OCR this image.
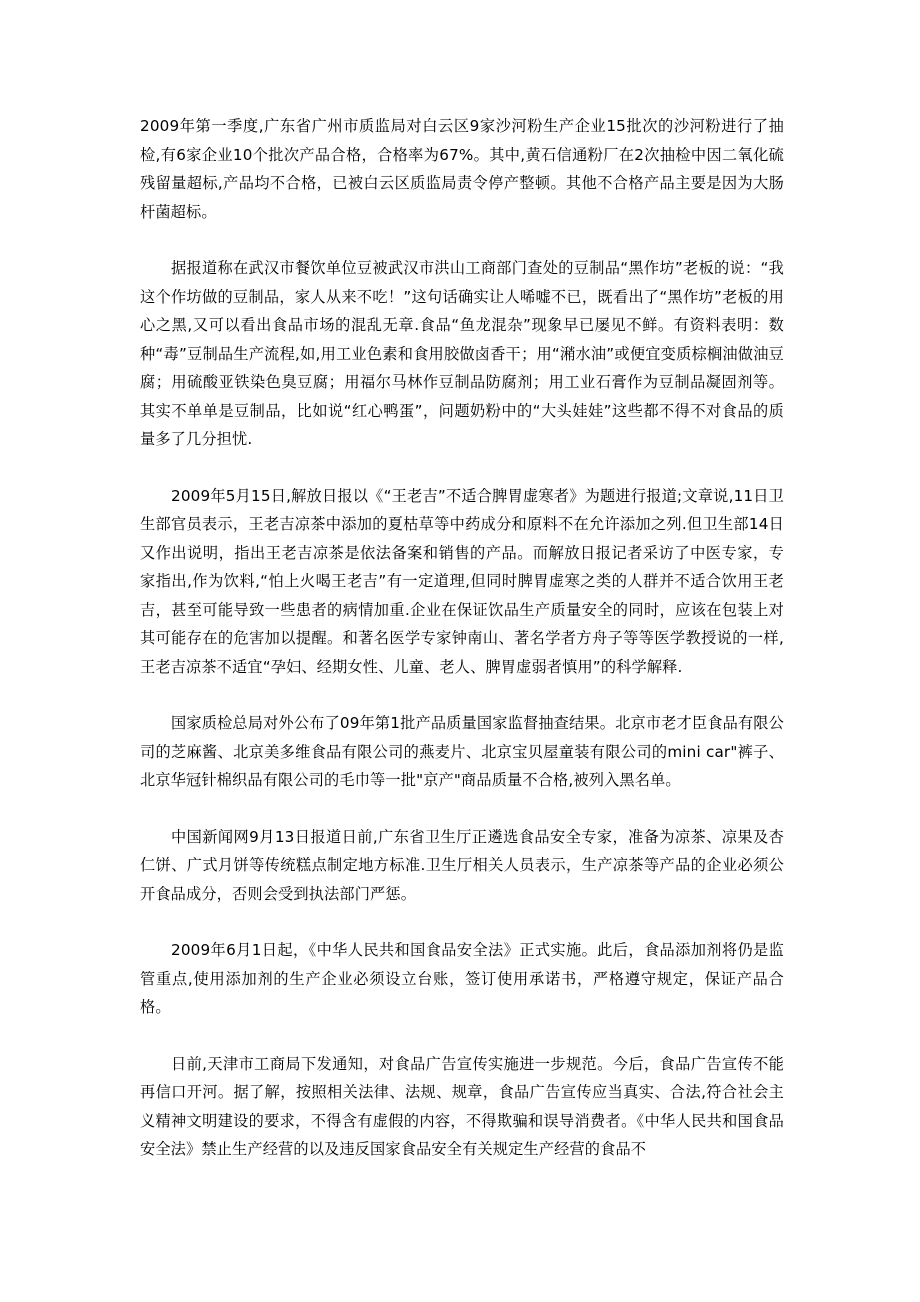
2009年第一季度,广东省广州市质监局对白云区9家沙河粉生产企业15批次的沙河粉进行了抽检,有6家企业10个批次产品合格，合格率为67%。其中,黄石信通粉厂在2次抽检中因二氧化硫残留量超标,产品均不合格，已被白云区质监局责令停产整顿。其他不合格产品主要是因为大肠杆菌超标。

据报道称在武汉市餐饮单位豆被武汉市洪山工商部门查处的豆制品“黑作坊”老板的说：“我这个作坊做的豆制品，家人从来不吃！”这句话确实让人唏嘘不已，既看出了“黑作坊”老板的用心之黑,又可以看出食品市场的混乱无章.食品“鱼龙混杂”现象早已屡见不鲜。有资料表明：数种“毒”豆制品生产流程,如,用工业色素和食用胶做卤香干；用“潲水油”或便宜变质棕榈油做油豆腐；用硫酸亚铁染色臭豆腐；用福尔马林作豆制品防腐剂；用工业石膏作为豆制品凝固剂等。其实不单单是豆制品，比如说“红心鸭蛋”，问题奶粉中的“大头娃娃”这些都不得不对食品的质量多了几分担忧.

2009年5月15日,解放日报以《“王老吉”不适合脾胃虚寒者》为题进行报道;文章说,11日卫生部官员表示，王老吉凉茶中添加的夏枯草等中药成分和原料不在允许添加之列.但卫生部14日又作出说明，指出王老吉凉茶是依法备案和销售的产品。而解放日报记者采访了中医专家，专家指出,作为饮料,“怕上火喝王老吉”有一定道理,但同时脾胃虚寒之类的人群并不适合饮用王老吉，甚至可能导致一些患者的病情加重.企业在保证饮品生产质量安全的同时，应该在包装上对其可能存在的危害加以提醒。和著名医学专家钟南山、著名学者方舟子等等医学教授说的一样,王老吉凉茶不适宜“孕妇、经期女性、儿童、老人、脾胃虚弱者慎用”的科学解释.

国家质检总局对外公布了09年第1批产品质量国家监督抽查结果。北京市老才臣食品有限公司的芝麻酱、北京美多维食品有限公司的燕麦片、北京宝贝屋童装有限公司的mini car"裤子、北京华冠针棉织品有限公司的毛巾等一批"京产"商品质量不合格,被列入黑名单。

中国新闻网9月13日报道日前,广东省卫生厅正遴选食品安全专家，准备为凉茶、凉果及杏仁饼、广式月饼等传统糕点制定地方标准.卫生厅相关人员表示，生产凉茶等产品的企业必须公开食品成分，否则会受到执法部门严惩。

2009年6月1日起，《中华人民共和国食品安全法》正式实施。此后，食品添加剂将仍是监管重点,使用添加剂的生产企业必须设立台账，签订使用承诺书，严格遵守规定，保证产品合格。

日前,天津市工商局下发通知，对食品广告宣传实施进一步规范。今后，食品广告宣传不能再信口开河。据了解，按照相关法律、法规、规章，食品广告宣传应当真实、合法,符合社会主义精神文明建设的要求，不得含有虚假的内容，不得欺骗和误导消费者。《中华人民共和国食品安全法》禁止生产经营的以及违反国家食品安全有关规定生产经营的食品不
